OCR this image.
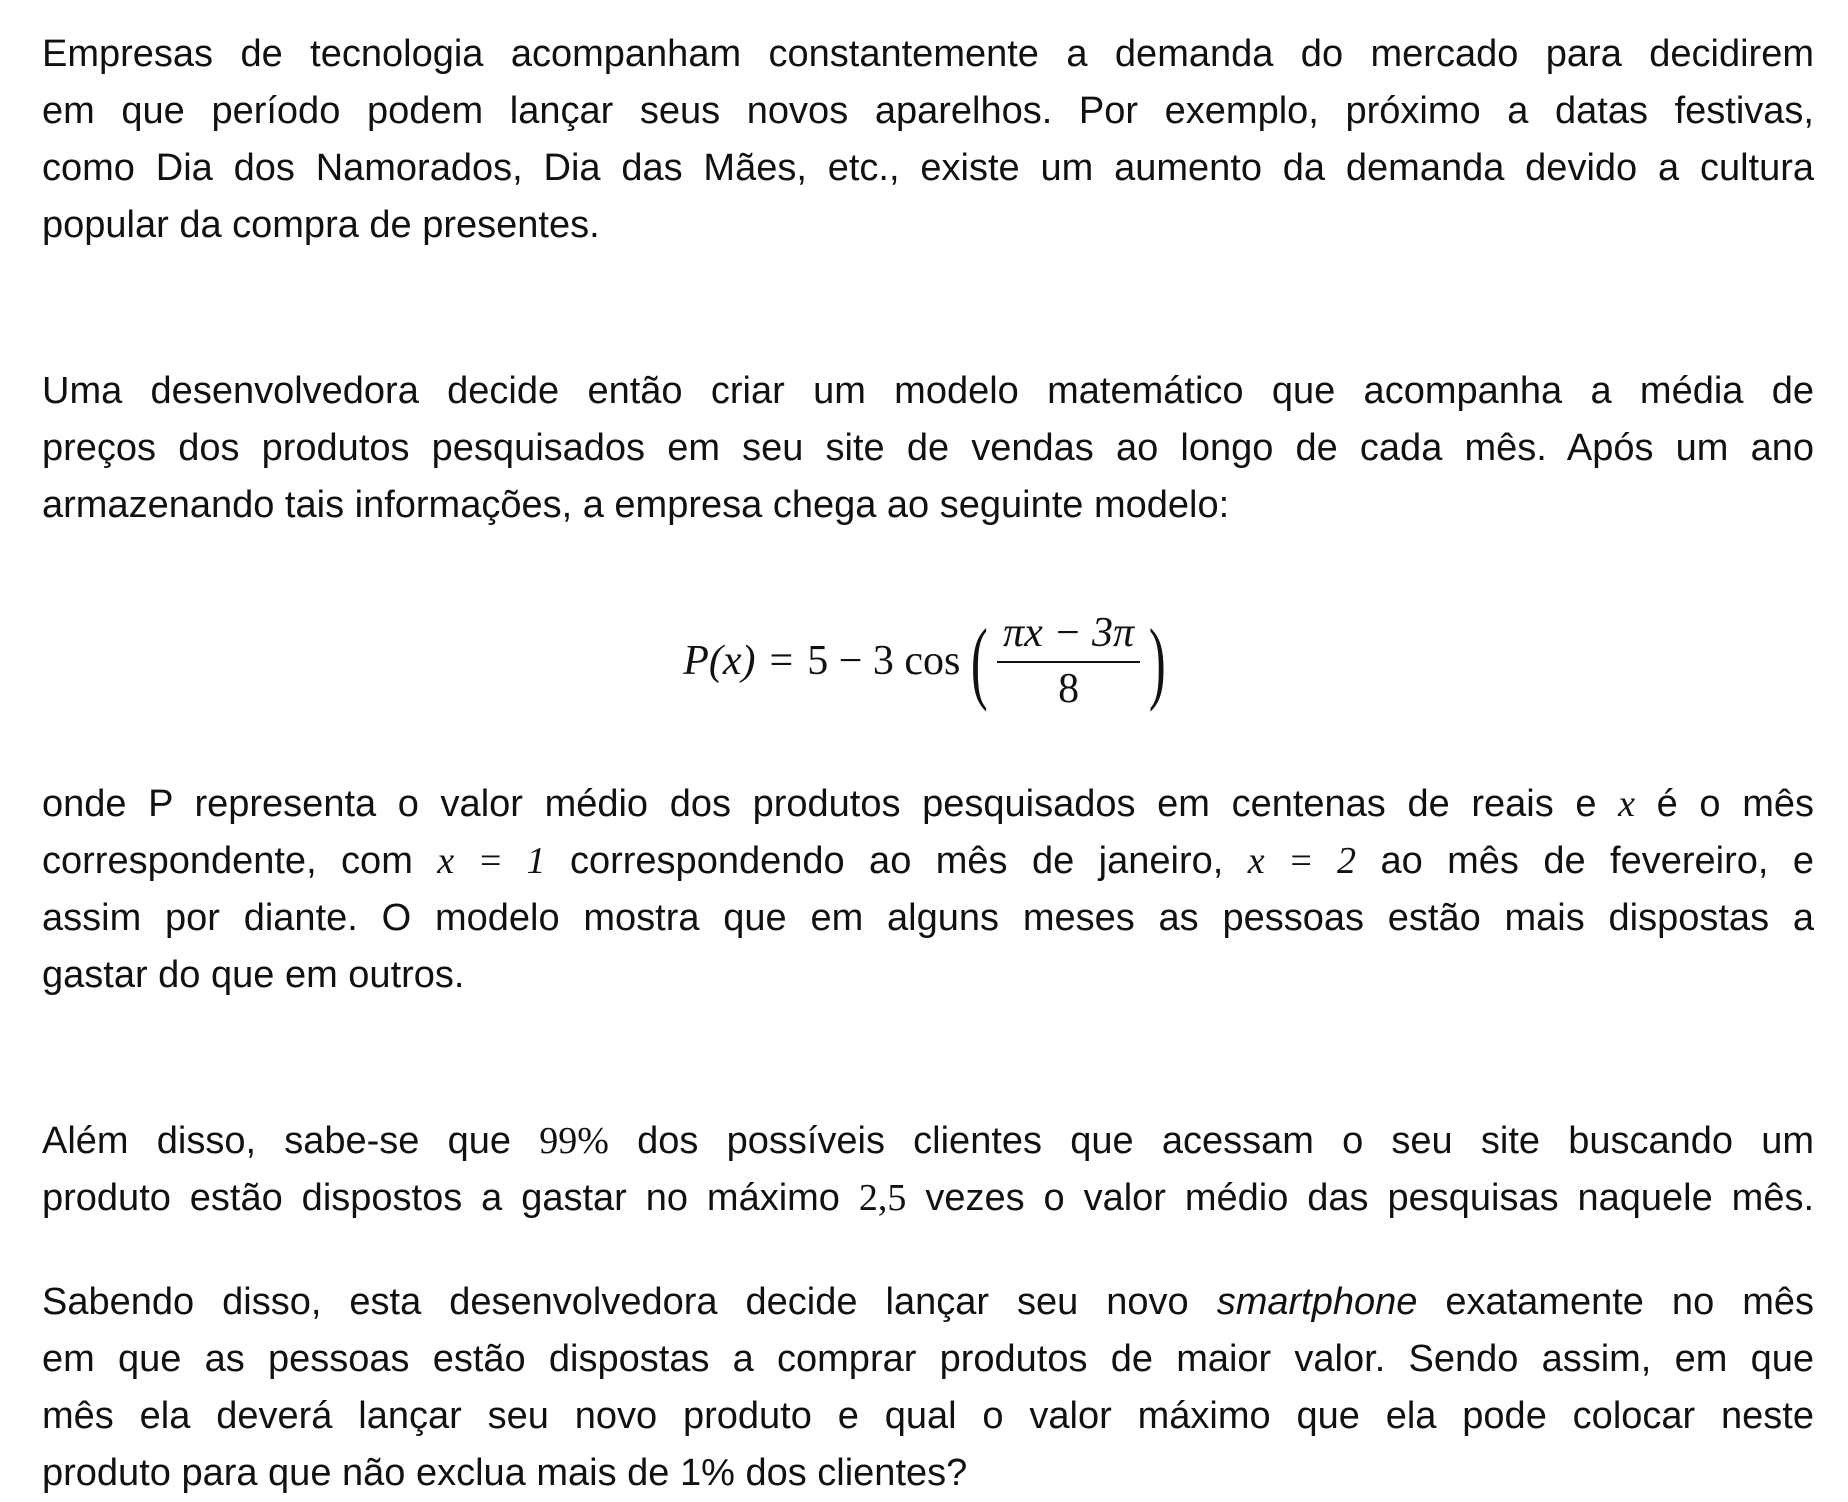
Empresas de tecnologia acompanham constantemente a demanda do mercado para decidirem
em que período podem lançar seus novos aparelhos. Por exemplo, próximo a datas festivas,
como Dia dos Namorados, Dia das Mães, etc., existe um aumento da demanda devido a cultura
popular da compra de presentes.

Uma desenvolvedora decide então criar um modelo matemático que acompanha a média de
preços dos produtos pesquisados em seu site de vendas ao longo de cada mês. Após um ano
armazenando tais informações, a empresa chega ao seguinte modelo:

P(x) = 5 − 3 cos ( $\frac{\pi x - 3\pi}{8}$ )

onde P representa o valor médio dos produtos pesquisados em centenas de reais e x é o mês
correspondente, com x = 1 correspondendo ao mês de janeiro, x = 2 ao mês de fevereiro, e
assim por diante. O modelo mostra que em alguns meses as pessoas estão mais dispostas a
gastar do que em outros.

Além disso, sabe-se que 99% dos possíveis clientes que acessam o seu site buscando um
produto estão dispostos a gastar no máximo 2,5 vezes o valor médio das pesquisas naquele mês.

Sabendo disso, esta desenvolvedora decide lançar seu novo smartphone exatamente no mês
em que as pessoas estão dispostas a comprar produtos de maior valor. Sendo assim, em que
mês ela deverá lançar seu novo produto e qual o valor máximo que ela pode colocar neste
produto para que não exclua mais de 1% dos clientes?
